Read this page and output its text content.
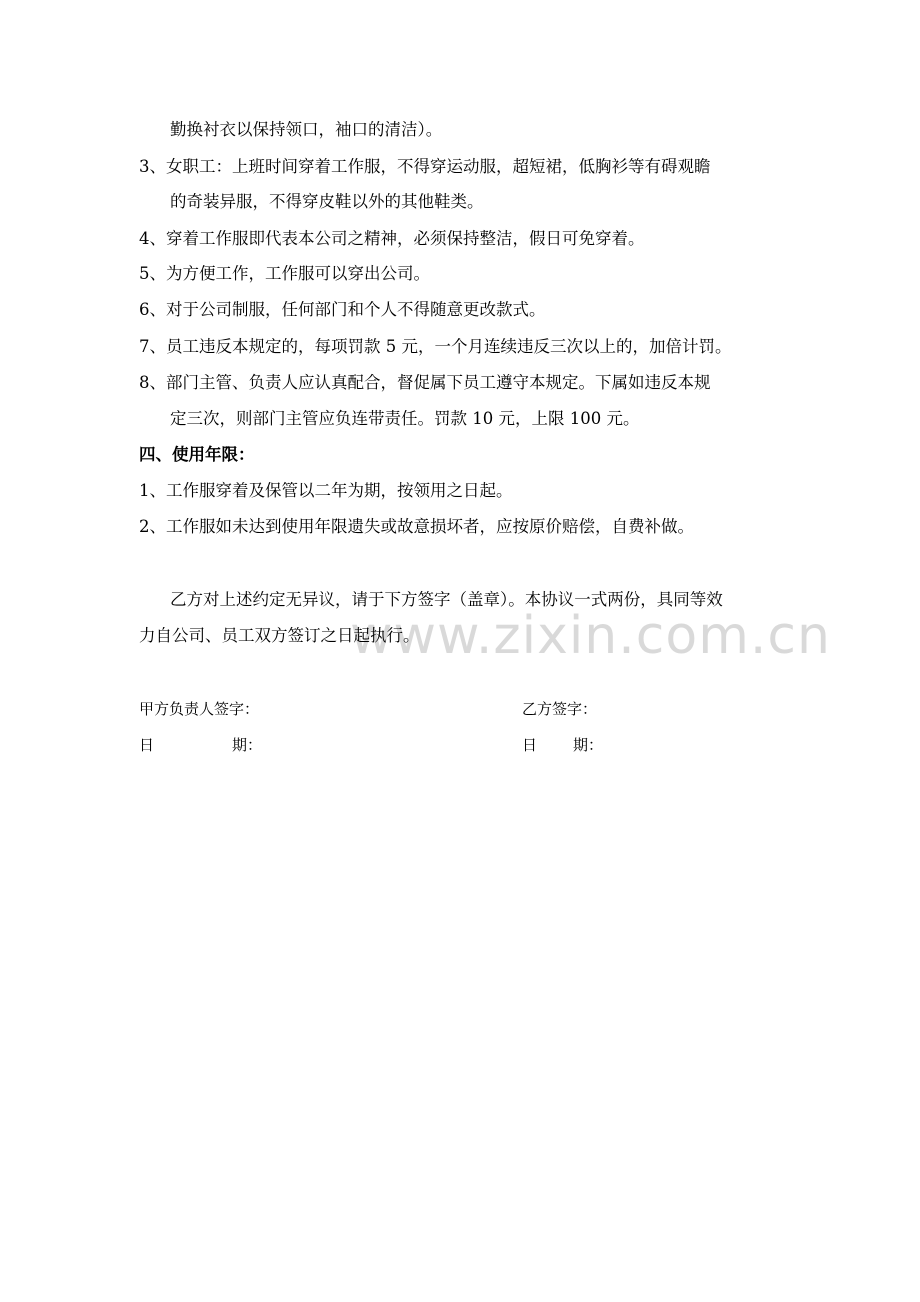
www.zixin.com.cn
勤换衬衣以保持领口，袖口的清洁）。
3、女职工：上班时间穿着工作服，不得穿运动服，超短裙，低胸衫等有碍观瞻
的奇装异服，不得穿皮鞋以外的其他鞋类。
4、穿着工作服即代表本公司之精神，必须保持整洁，假日可免穿着。
5、为方便工作，工作服可以穿出公司。
6、对于公司制服，任何部门和个人不得随意更改款式。
7、员工违反本规定的，每项罚款 5 元，一个月连续违反三次以上的，加倍计罚。
8、部门主管、负责人应认真配合，督促属下员工遵守本规定。下属如违反本规
定三次，则部门主管应负连带责任。罚款 10 元，上限 100 元。
四、使用年限：
1、工作服穿着及保管以二年为期，按领用之日起。
2、工作服如未达到使用年限遗失或故意损坏者，应按原价赔偿，自费补做。
乙方对上述约定无异议，请于下方签字（盖章）。本协议一式两份，具同等效
力自公司、员工双方签订之日起执行。
甲方负责人签字：
日	期：
乙方签字：
日 期：
